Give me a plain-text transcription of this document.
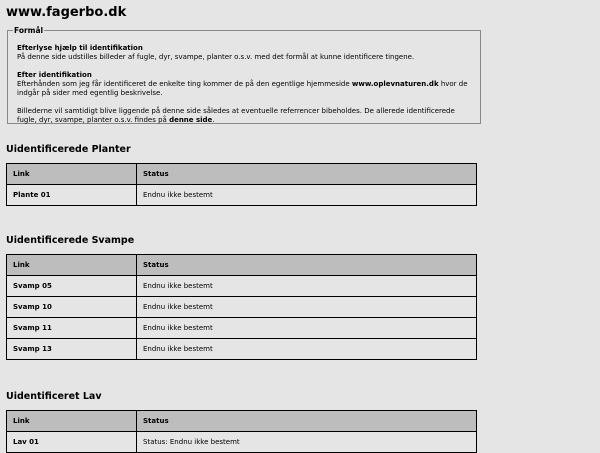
www.fagerbo.dk
Formål

Efterlyse hjælp til identifikation
På denne side udstilles billeder af fugle, dyr, svampe, planter o.s.v. med det formål at kunne identificere tingene.

Efter identifikation
Efterhånden som jeg får identificeret de enkelte ting kommer de på den egentlige hjemmeside www.oplevnaturen.dk hvor de indgår på sider med egentlig beskrivelse.

Billederne vil samtidigt blive liggende på denne side således at eventuelle referrencer bibeholdes. De allerede identificerede fugle, dyr, svampe, planter o.s.v. findes på denne side.

Uidentificerede Planter
Link	Status
Plante 01	Endnu ikke bestemt
Uidentificerede Svampe
Link	Status
Svamp 05	Endnu ikke bestemt
Svamp 10	Endnu ikke bestemt
Svamp 11	Endnu ikke bestemt
Svamp 13	Endnu ikke bestemt
Uidentificeret Lav
Link	Status
Lav 01	Status: Endnu ikke bestemt
